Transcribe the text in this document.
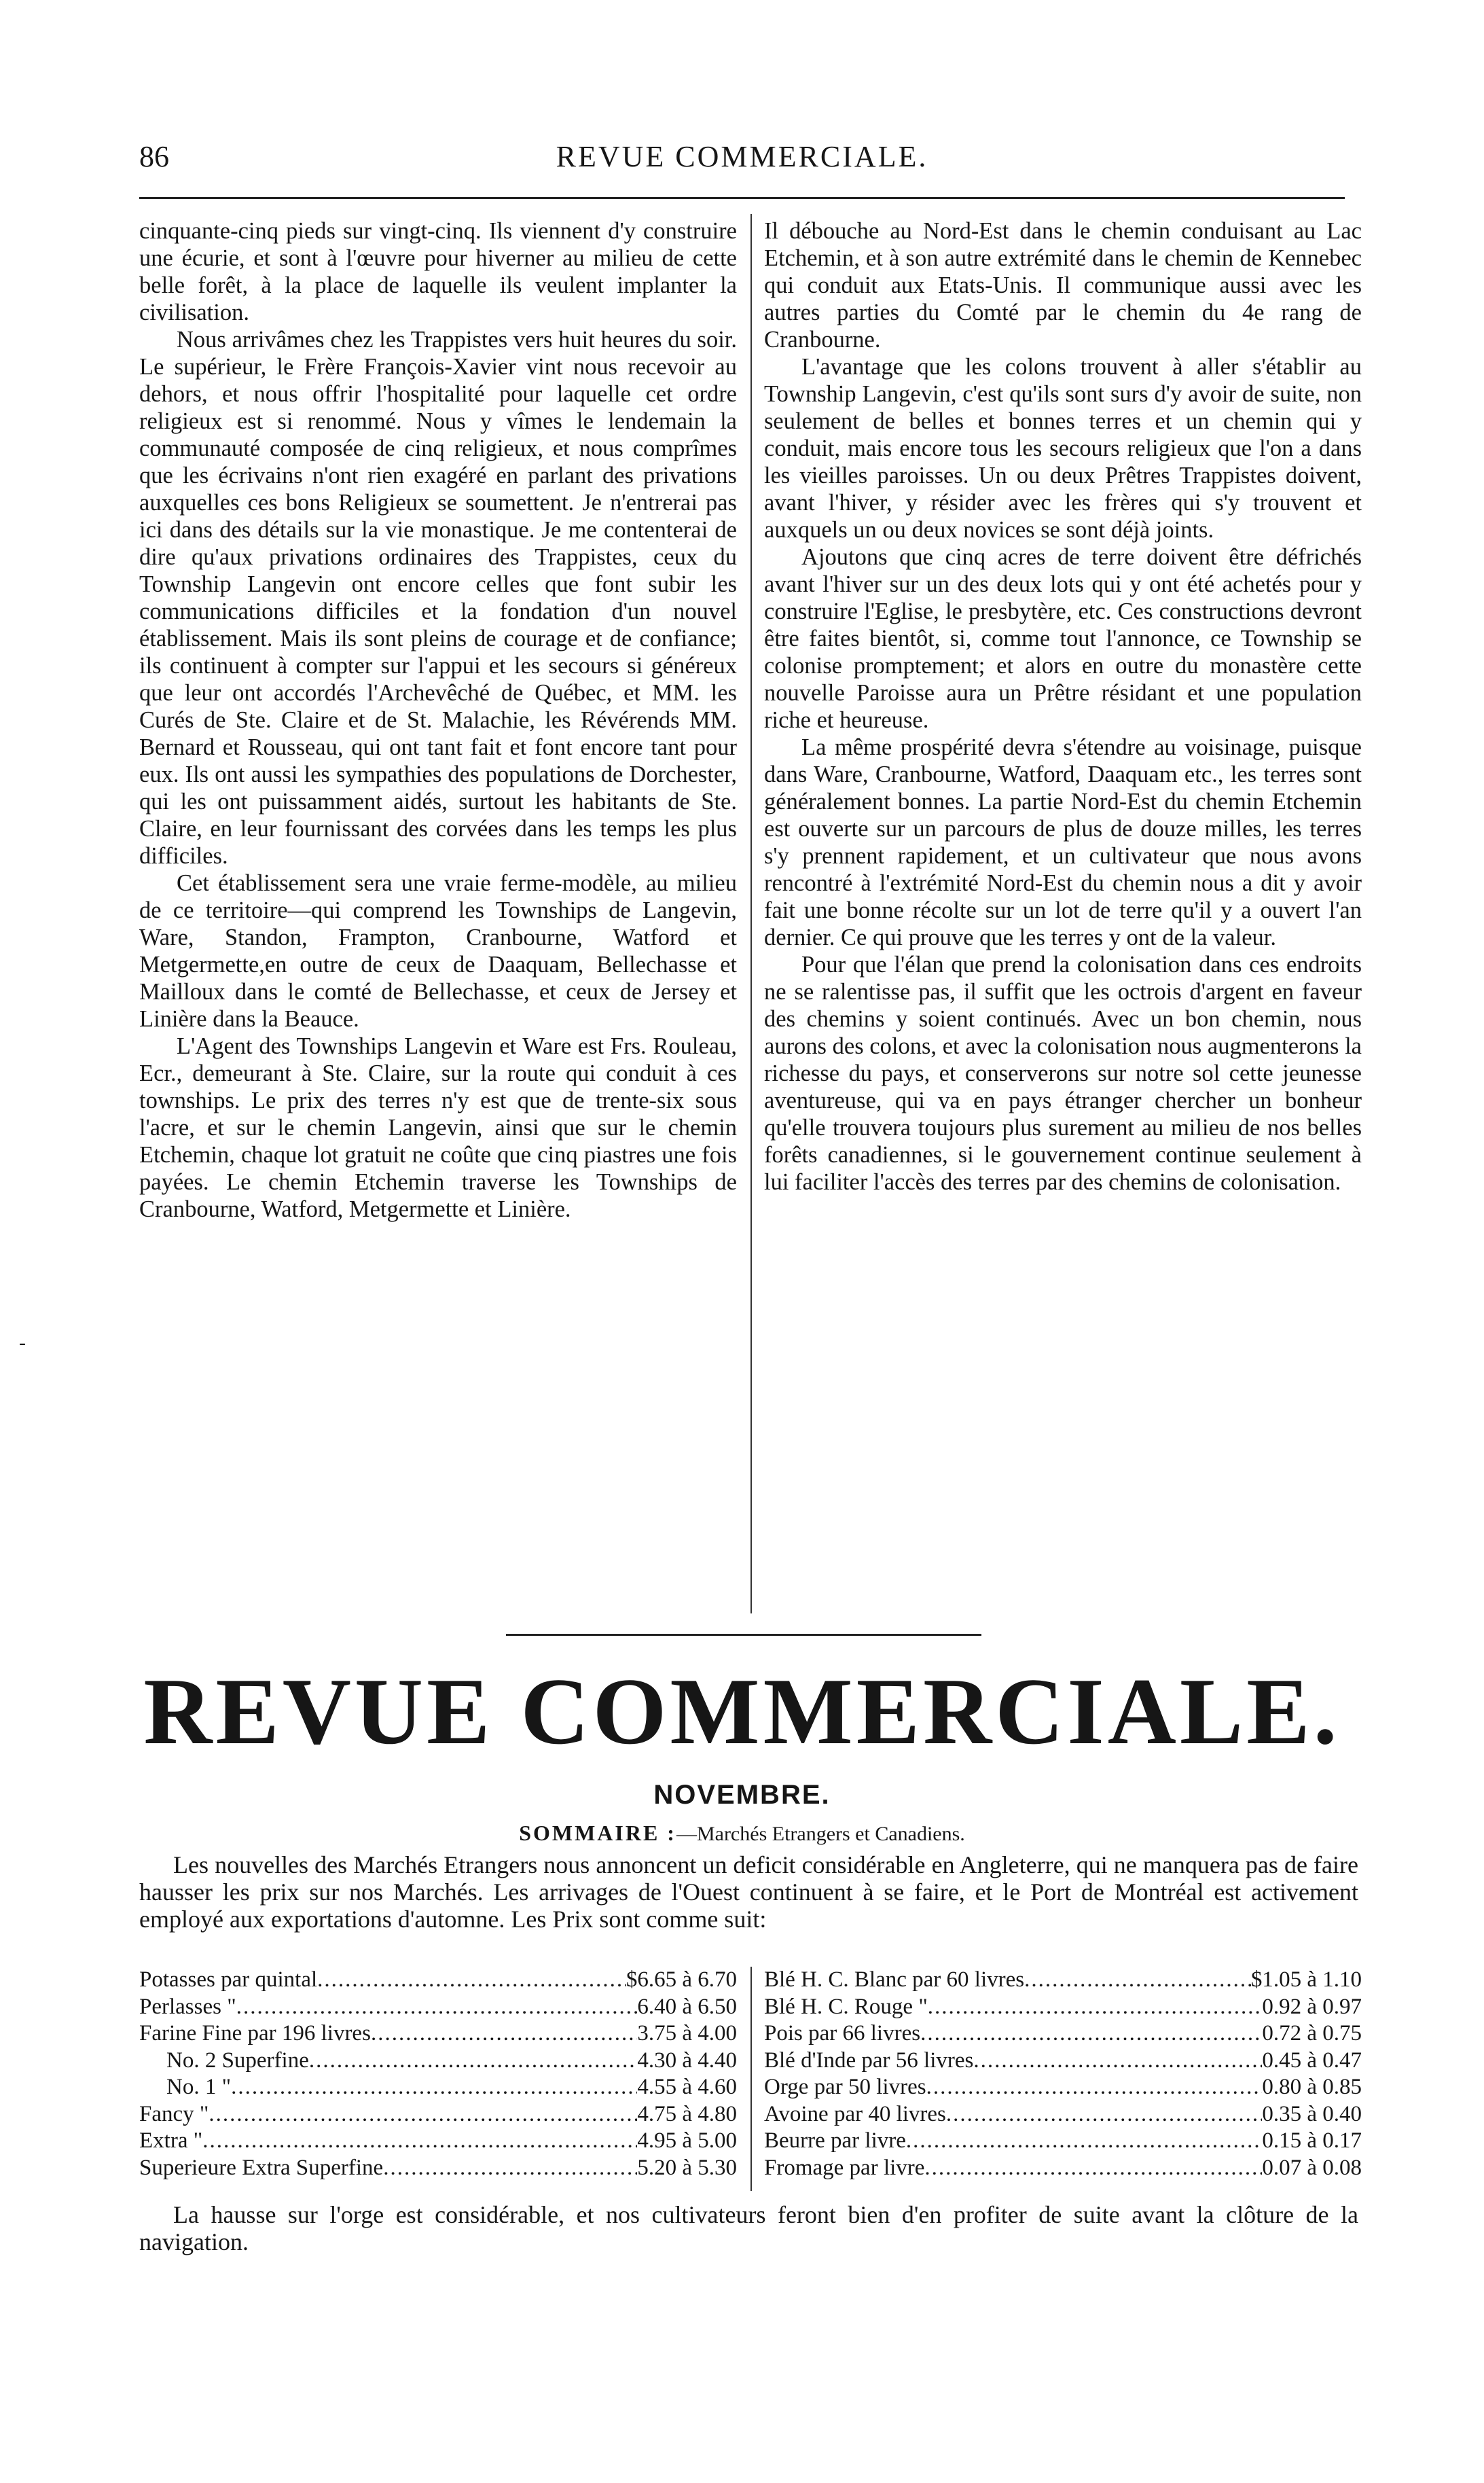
86	REVUE COMMERCIALE.

cinquante-cinq pieds sur vingt-cinq. Ils viennent d'y construire une écurie, et sont à l'œuvre pour hiverner au milieu de cette belle forêt, à la place de laquelle ils veulent implanter la civilisation.

Nous arrivâmes chez les Trappistes vers huit heures du soir. Le supérieur, le Frère François-Xavier vint nous recevoir au dehors, et nous offrir l'hospitalité pour laquelle cet ordre religieux est si renommé. Nous y vîmes le lendemain la communauté composée de cinq religieux, et nous comprîmes que les écrivains n'ont rien exagéré en parlant des privations auxquelles ces bons Religieux se soumettent. Je n'entrerai pas ici dans des détails sur la vie monastique. Je me contenterai de dire qu'aux privations ordinaires des Trappistes, ceux du Township Langevin ont encore celles que font subir les communications difficiles et la fondation d'un nouvel établissement. Mais ils sont pleins de courage et de confiance; ils continuent à compter sur l'appui et les secours si généreux que leur ont accordés l'Archevêché de Québec, et MM. les Curés de Ste. Claire et de St. Malachie, les Révérends MM. Bernard et Rousseau, qui ont tant fait et font encore tant pour eux. Ils ont aussi les sympathies des populations de Dorchester, qui les ont puissamment aidés, surtout les habitants de Ste. Claire, en leur fournissant des corvées dans les temps les plus difficiles.

Cet établissement sera une vraie ferme-modèle, au milieu de ce territoire—qui comprend les Townships de Langevin, Ware, Standon, Frampton, Cranbourne, Watford et Metgermette,en outre de ceux de Daaquam, Bellechasse et Mailloux dans le comté de Bellechasse, et ceux de Jersey et Linière dans la Beauce.

L'Agent des Townships Langevin et Ware est Frs. Rouleau, Ecr., demeurant à Ste. Claire, sur la route qui conduit à ces townships. Le prix des terres n'y est que de trente-six sous l'acre, et sur le chemin Langevin, ainsi que sur le chemin Etchemin, chaque lot gratuit ne coûte que cinq piastres une fois payées. Le chemin Etchemin traverse les Townships de Cranbourne, Watford, Metgermette et Linière.

Il débouche au Nord-Est dans le chemin conduisant au Lac Etchemin, et à son autre extrémité dans le chemin de Kennebec qui conduit aux Etats-Unis. Il communique aussi avec les autres parties du Comté par le chemin du 4e rang de Cranbourne.

L'avantage que les colons trouvent à aller s'établir au Township Langevin, c'est qu'ils sont surs d'y avoir de suite, non seulement de belles et bonnes terres et un chemin qui y conduit, mais encore tous les secours religieux que l'on a dans les vieilles paroisses. Un ou deux Prêtres Trappistes doivent, avant l'hiver, y résider avec les frères qui s'y trouvent et auxquels un ou deux novices se sont déjà joints.

Ajoutons que cinq acres de terre doivent être défrichés avant l'hiver sur un des deux lots qui y ont été achetés pour y construire l'Eglise, le presbytère, etc. Ces constructions devront être faites bientôt, si, comme tout l'annonce, ce Township se colonise promptement; et alors en outre du monastère cette nouvelle Paroisse aura un Prêtre résidant et une population riche et heureuse.

La même prospérité devra s'étendre au voisinage, puisque dans Ware, Cranbourne, Watford, Daaquam etc., les terres sont généralement bonnes. La partie Nord-Est du chemin Etchemin est ouverte sur un parcours de plus de douze milles, les terres s'y prennent rapidement, et un cultivateur que nous avons rencontré à l'extrémité Nord-Est du chemin nous a dit y avoir fait une bonne récolte sur un lot de terre qu'il y a ouvert l'an dernier. Ce qui prouve que les terres y ont de la valeur.

Pour que l'élan que prend la colonisation dans ces endroits ne se ralentisse pas, il suffit que les octrois d'argent en faveur des chemins y soient continués. Avec un bon chemin, nous aurons des colons, et avec la colonisation nous augmenterons la richesse du pays, et conserverons sur notre sol cette jeunesse aventureuse, qui va en pays étranger chercher un bonheur qu'elle trouvera toujours plus surement au milieu de nos belles forêts canadiennes, si le gouvernement continue seulement à lui faciliter l'accès des terres par des chemins de colonisation.

-
REVUE COMMERCIALE.
NOVEMBRE.
SOMMAIRE :—Marchés Etrangers et Canadiens.
Les nouvelles des Marchés Etrangers nous annoncent un deficit considérable en Angleterre, qui ne manquera pas de faire hausser les prix sur nos Marchés. Les arrivages de l'Ouest continuent à se faire, et le Port de Montréal est activement employé aux exportations d'automne. Les Prix sont comme suit:
Potasses par quintal .....	$6.65 à 6.70
Perlasses " .....	6.40 à 6.50
Farine Fine par 196 livres .....	3.75 à 4.00
No. 2 Superfine .....	4.30 à 4.40
No. 1 " .....	4.55 à 4.60
Fancy " .....	4.75 à 4.80
Extra " .....	4.95 à 5.00
Superieure Extra Superfine .....	5.20 à 5.30
Blé H. C. Blanc par 60 livres .....	$1.05 à 1.10
Blé H. C. Rouge " .....	0.92 à 0.97
Pois par 66 livres .....	0.72 à 0.75
Blé d'Inde par 56 livres .....	0.45 à 0.47
Orge par 50 livres .....	0.80 à 0.85
Avoine par 40 livres .....	0.35 à 0.40
Beurre par livre .....	0.15 à 0.17
Fromage par livre .....	0.07 à 0.08
La hausse sur l'orge est considérable, et nos cultivateurs feront bien d'en profiter de suite avant la clôture de la navigation.
